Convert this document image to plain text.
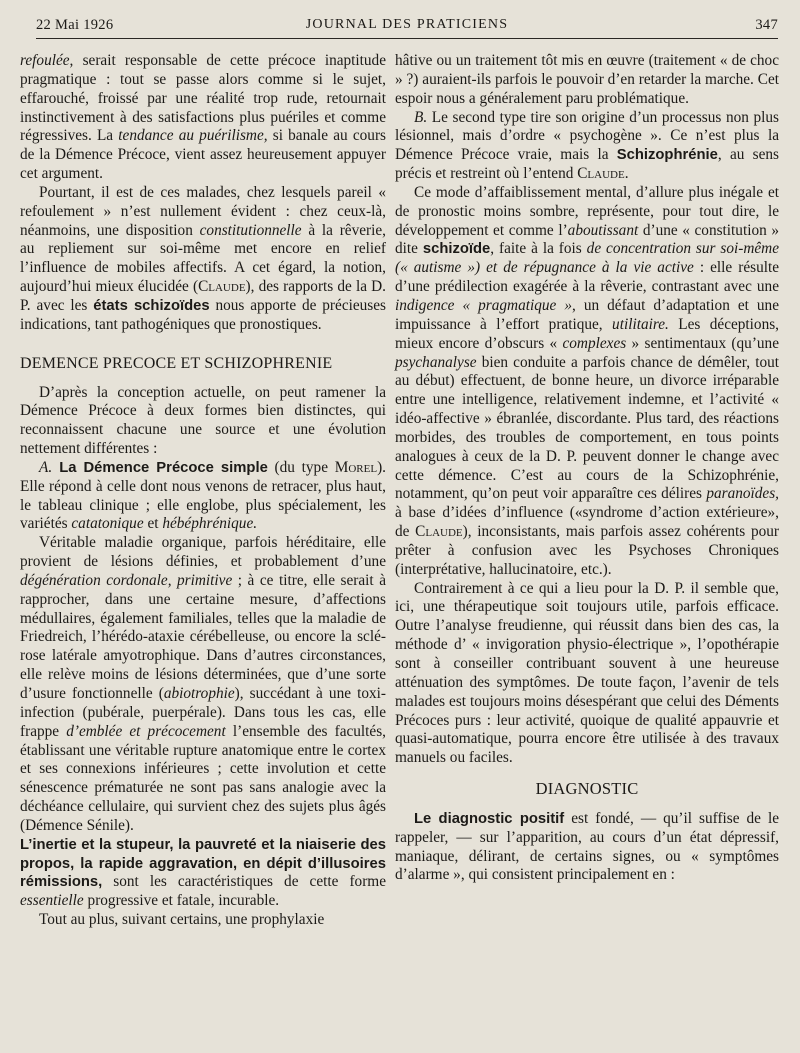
22 Mai 1926	JOURNAL DES PRATICIENS	347

refoulée, serait responsable de cette précoce inaptitude pragmatique : tout se passe alors comme si le sujet, effarouché, froissé par une réalité trop rude, retournait instinctivement à des satisfactions plus puériles et comme régressives. La tendance au puérilisme, si banale au cours de la Démence Précoce, vient assez heureusement appuyer cet argument.

Pourtant, il est de ces malades, chez lesquels pareil « refoulement » n’est nullement évident : chez ceux-là, néanmoins, une disposition constitutionnelle à la rêverie, au repliement sur soi-même met encore en relief l’influence de mobiles affectifs. A cet égard, la notion, aujourd’hui mieux élucidée (Claude), des rapports de la D. P. avec les états schizoïdes nous apporte de précieuses indications, tant pathogéniques que pronostiques.

DEMENCE PRECOCE ET SCHIZOPHRENIE

D’après la conception actuelle, on peut ramener la Démence Précoce à deux formes bien distinctes, qui reconnaissent chacune une source et une évolution nettement différentes :

A. La Démence Précoce simple (du type Morel). Elle répond à celle dont nous venons de retracer, plus haut, le tableau clinique ; elle englobe, plus spécialement, les variétés catatonique et hébéphrénique.

Véritable maladie organique, parfois héréditaire, elle provient de lésions définies, et probablement d’une dégénération cordonale, primitive ; à ce titre, elle serait à rapprocher, dans une certaine mesure, d’affections médullaires, également familiales, telles que la maladie de Friedreich, l’hérédo-ataxie cérébelleuse, ou encore la sclérose latérale amyotrophique. Dans d’autres circonstances, elle relève moins de lésions déterminées, que d’une sorte d’usure fonctionnelle (abiotrophie), succédant à une toxi-infection (pubérale, puerpérale). Dans tous les cas, elle frappe d’emblée et précocement l’ensemble des facultés, établissant une véritable rupture anatomique entre le cortex et ses connexions inférieures ; cette involution et cette sénescence prématurée ne sont pas sans analogie avec la déchéance cellulaire, qui survient chez des sujets plus âgés (Démence Sénile).

L’inertie et la stupeur, la pauvreté et la niaiserie des propos, la rapide aggravation, en dépit d’illusoires rémissions, sont les caractéristiques de cette forme essentielle progressive et fatale, incurable.

Tout au plus, suivant certains, une prophylaxie

hâtive ou un traitement tôt mis en œuvre (traitement « de choc » ?) auraient-ils parfois le pouvoir d’en retarder la marche. Cet espoir nous a généralement paru problématique.

B. Le second type tire son origine d’un processus non plus lésionnel, mais d’ordre « psychogène ». Ce n’est plus la Démence Précoce vraie, mais la Schizophrénie, au sens précis et restreint où l’entend Claude.

Ce mode d’affaiblissement mental, d’allure plus inégale et de pronostic moins sombre, représente, pour tout dire, le développement et comme l’aboutissant d’une « constitution » dite schizoïde, faite à la fois de concentration sur soi-même (« autisme ») et de répugnance à la vie active : elle résulte d’une prédilection exagérée à la rêverie, contrastant avec une indigence « pragmatique », un défaut d’adaptation et une impuissance à l’effort pratique, utilitaire. Les déceptions, mieux encore d’obscurs « complexes » sentimentaux (qu’une psychanalyse bien conduite a parfois chance de démêler, tout au début) effectuent, de bonne heure, un divorce irréparable entre une intelligence, relativement indemne, et l’activité « idéo-affective » ébranlée, discordante. Plus tard, des réactions morbides, des troubles de comportement, en tous points analogues à ceux de la D. P. peuvent donner le change avec cette démence. C’est au cours de la Schizophrénie, notamment, qu’on peut voir apparaître ces délires paranoïdes, à base d’idées d’influence («syndrome d’action extérieure», de Claude), inconsistants, mais parfois assez cohérents pour prêter à confusion avec les Psychoses Chroniques (interprétative, hallucinatoire, etc.).

Contrairement à ce qui a lieu pour la D. P. il semble que, ici, une thérapeutique soit toujours utile, parfois efficace. Outre l’analyse freudienne, qui réussit dans bien des cas, la méthode d’ « invigoration physio-électrique », l’opothérapie sont à conseiller contribuant souvent à une heureuse atténuation des symptômes. De toute façon, l’avenir de tels malades est toujours moins désespérant que celui des Déments Précoces purs : leur activité, quoique de qualité appauvrie et quasi-automatique, pourra encore être utilisée à des travaux manuels ou faciles.

DIAGNOSTIC

Le diagnostic positif est fondé, — qu’il suffise de le rappeler, — sur l’apparition, au cours d’un état dépressif, maniaque, délirant, de certains signes, ou « symptômes d’alarme », qui consistent principalement en :
